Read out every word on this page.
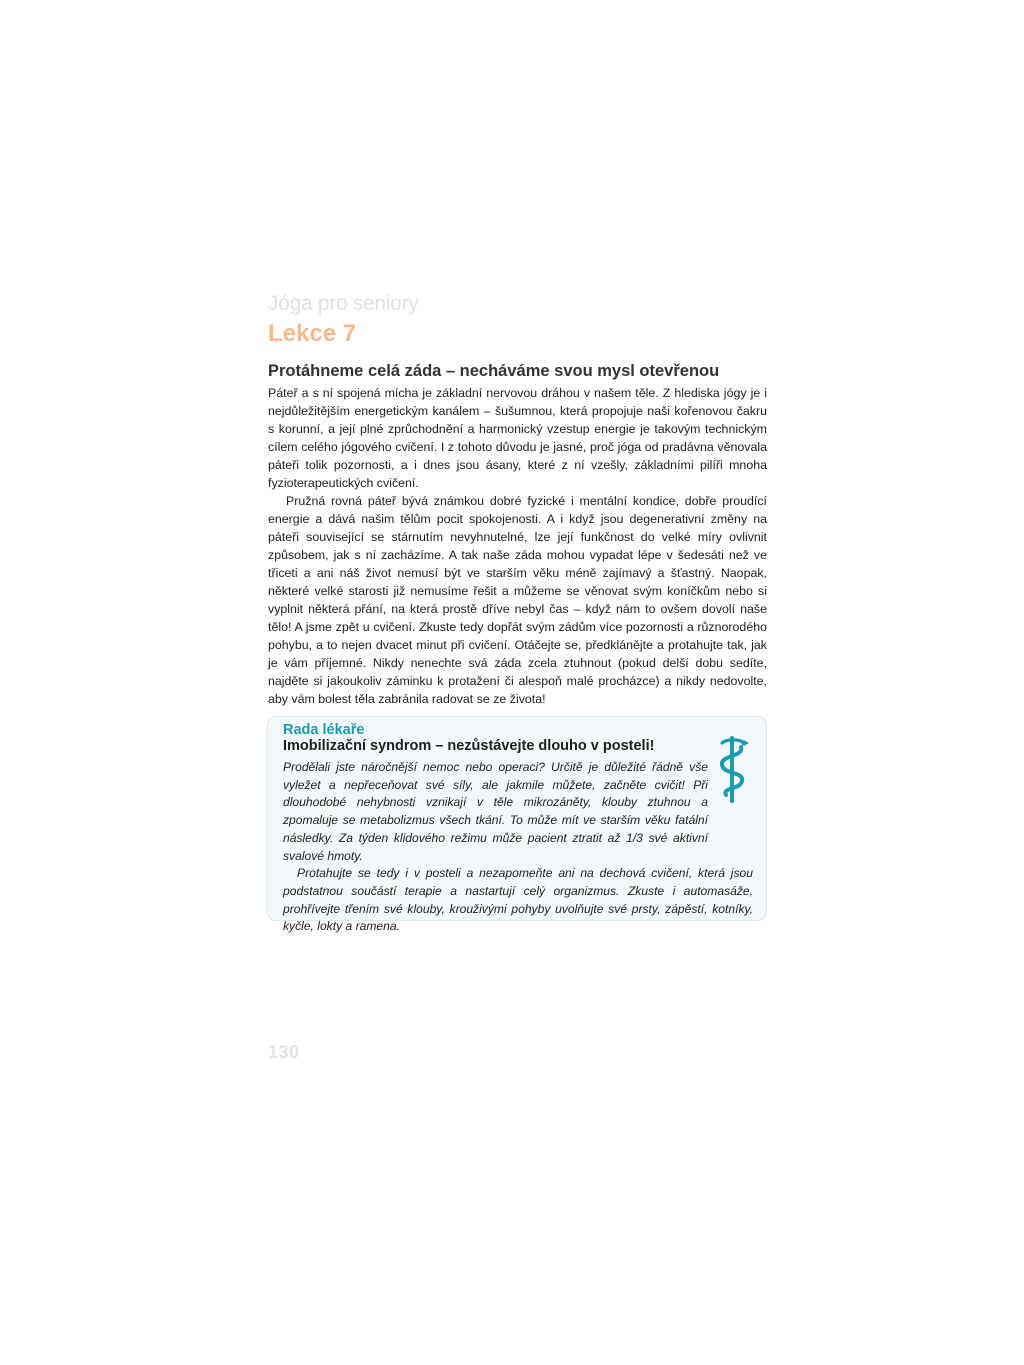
Jóga pro seniory
Lekce 7
Protáhneme celá záda – necháváme svou mysl otevřenou

Páteř a s ní spojená mícha je základní nervovou dráhou v našem těle. Z hlediska jógy je i nejdůležitějším energetickým kanálem – šušumnou, která propojuje naši kořenovou čakru s korunní, a její plné zprůchodnění a harmonický vzestup energie je takovým technickým cílem celého jógového cvičení. I z tohoto důvodu je jasné, proč jóga od pradávna věnovala páteři tolik pozornosti, a i dnes jsou ásany, které z ní vzešly, základními pilíři mnoha fyzioterapeutických cvičení.

Pružná rovná páteř bývá známkou dobré fyzické i mentální kondice, dobře proudící energie a dává našim tělům pocit spokojenosti. A i když jsou degenerativní změny na páteři související se stárnutím nevyhnutelné, lze její funkčnost do velké míry ovlivnit způsobem, jak s ní zacházíme. A tak naše záda mohou vypadat lépe v šedesáti než ve třiceti a ani náš život nemusí být ve starším věku méně zajímavý a šťastný. Naopak, některé velké starosti již nemusíme řešit a můžeme se věnovat svým koníčkům nebo si vyplnit některá přání, na která prostě dříve nebyl čas – když nám to ovšem dovolí naše tělo! A jsme zpět u cvičení. Zkuste tedy dopřát svým zádům více pozornosti a různorodého pohybu, a to nejen dvacet minut při cvičení. Otáčejte se, předklánějte a protahujte tak, jak je vám příjemné. Nikdy nenechte svá záda zcela ztuhnout (pokud delší dobu sedíte, najděte si jakoukoliv záminku k protažení či alespoň malé procházce) a nikdy nedovolte, aby vám bolest těla zabránila radovat se ze života!

Rada lékaře
Imobilizační syndrom – nezůstávejte dlouho v posteli!

Prodělali jste náročnější nemoc nebo operaci? Určitě je důležité řádně vše vyležet a nepřeceňovat své síly, ale jakmile můžete, začněte cvičit! Při dlouhodobé nehybnosti vznikají v těle mikrozáněty, klouby ztuhnou a zpomaluje se metabolizmus všech tkání. To může mít ve starším věku fatální následky. Za týden klidového režimu může pacient ztratit až 1/3 své aktivní svalové hmoty.

Protahujte se tedy i v posteli a nezapomeňte ani na dechová cvičení, která jsou podstatnou součástí terapie a nastartují celý organizmus. Zkuste i automasáže, prohřívejte třením své klouby, krouživými pohyby uvolňujte své prsty, zápěstí, kotníky, kyčle, lokty a ramena.

130
